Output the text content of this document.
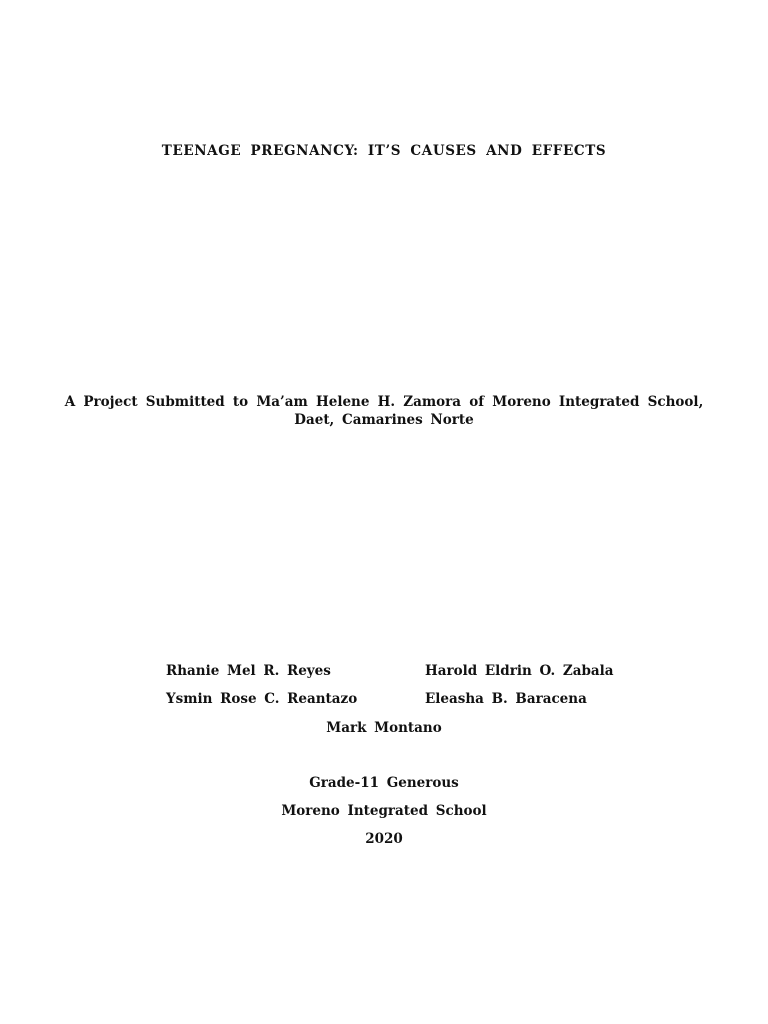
TEENAGE PREGNANCY: IT’S CAUSES AND EFFECTS
A Project Submitted to Ma’am Helene H. Zamora of Moreno Integrated School,
Daet, Camarines Norte
Rhanie Mel R. Reyes	Harold Eldrin O. Zabala
Ysmin Rose C. Reantazo	Eleasha B. Baracena
Mark Montano
Grade-11 Generous
Moreno Integrated School
2020
